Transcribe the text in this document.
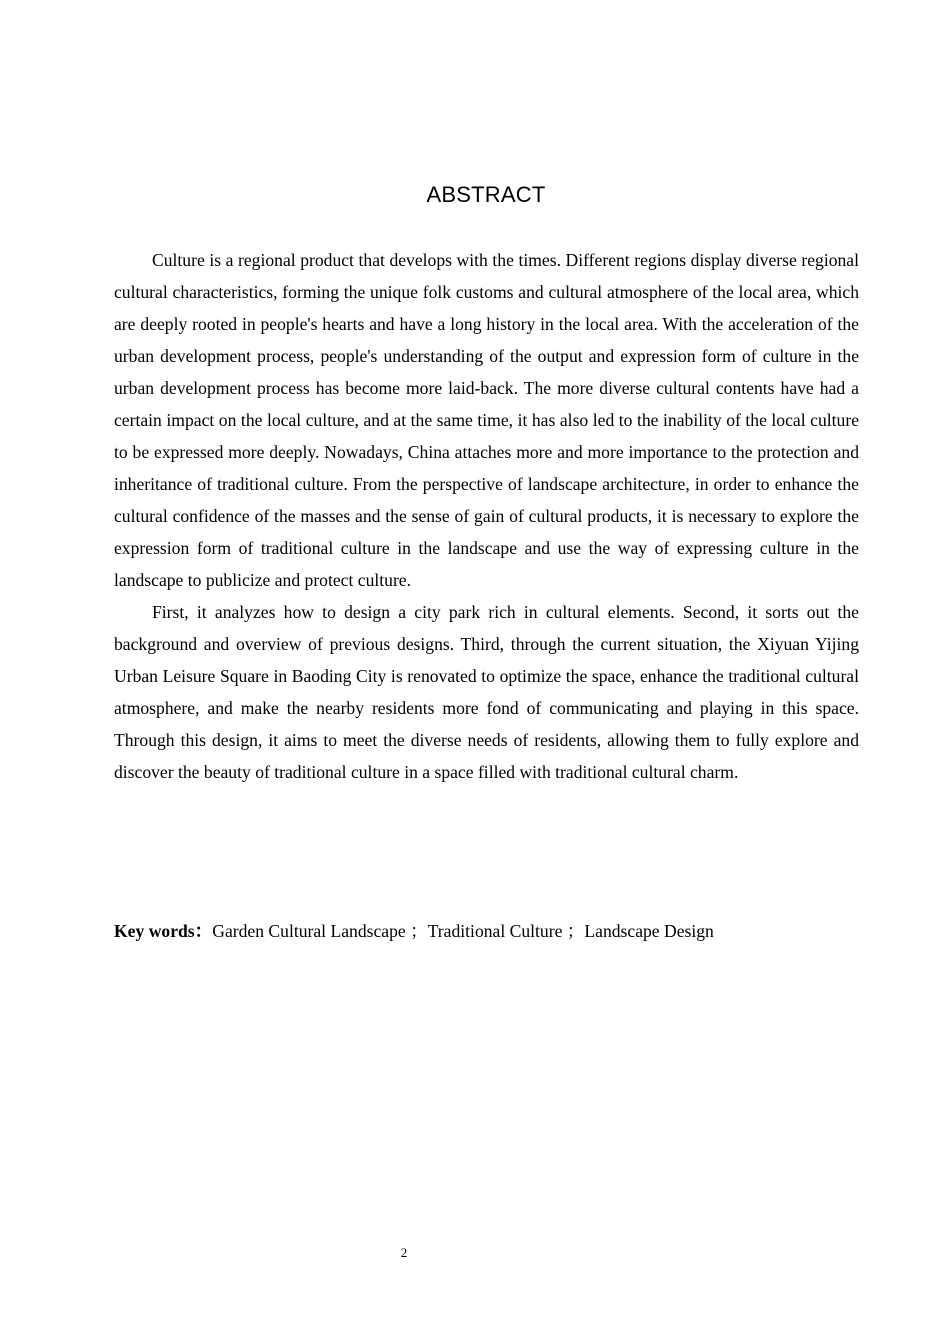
ABSTRACT

Culture is a regional product that develops with the times. Different regions display diverse regional cultural characteristics, forming the unique folk customs and cultural atmosphere of the local area, which are deeply rooted in people's hearts and have a long history in the local area. With the acceleration of the urban development process, people's understanding of the output and expression form of culture in the urban development process has become more laid-back. The more diverse cultural contents have had a certain impact on the local culture, and at the same time, it has also led to the inability of the local culture to be expressed more deeply. Nowadays, China attaches more and more importance to the protection and inheritance of traditional culture. From the perspective of landscape architecture, in order to enhance the cultural confidence of the masses and the sense of gain of cultural products, it is necessary to explore the expression form of traditional culture in the landscape and use the way of expressing culture in the landscape to publicize and protect culture.

First, it analyzes how to design a city park rich in cultural elements. Second, it sorts out the background and overview of previous designs. Third, through the current situation, the Xiyuan Yijing Urban Leisure Square in Baoding City is renovated to optimize the space, enhance the traditional cultural atmosphere, and make the nearby residents more fond of communicating and playing in this space. Through this design, it aims to meet the diverse needs of residents, allowing them to fully explore and discover the beauty of traditional culture in a space filled with traditional cultural charm.

Key words：Garden Cultural Landscape ；Traditional Culture ；Landscape Design
2
